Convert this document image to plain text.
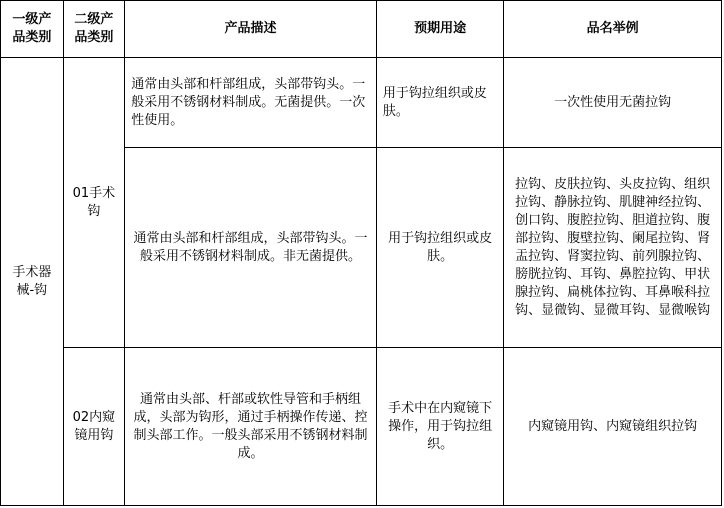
一级产品类别	二级产品类别	产品描述	预期用途	品名举例
手术器械-钩	01手术钩	通常由头部和杆部组成，头部带钩头。一般采用不锈钢材料制成。无菌提供。一次性使用。	用于钩拉组织或皮肤。	一次性使用无菌拉钩
		通常由头部和杆部组成，头部带钩头。一般采用不锈钢材料制成。非无菌提供。	用于钩拉组织或皮肤。	拉钩、皮肤拉钩、头皮拉钩、组织拉钩、静脉拉钩、肌腱神经拉钩、创口钩、腹腔拉钩、胆道拉钩、腹部拉钩、腹壁拉钩、阑尾拉钩、肾盂拉钩、肾窦拉钩、前列腺拉钩、膀胱拉钩、耳钩、鼻腔拉钩、甲状腺拉钩、扁桃体拉钩、耳鼻喉科拉钩、显微钩、显微耳钩、显微喉钩
	02内窥镜用钩	通常由头部、杆部或软性导管和手柄组成，头部为钩形，通过手柄操作传递、控制头部工作。一般头部采用不锈钢材料制成。	手术中在内窥镜下操作，用于钩拉组织。	内窥镜用钩、内窥镜组织拉钩
